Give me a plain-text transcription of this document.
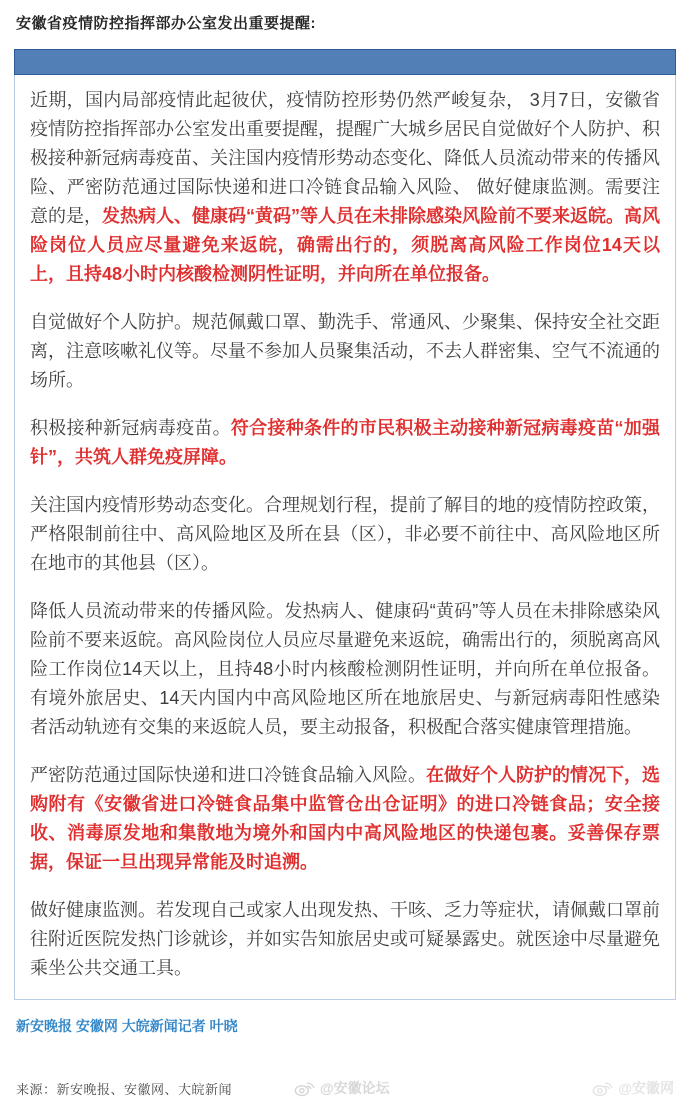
安徽省疫情防控指挥部办公室发出重要提醒:

近期，国内局部疫情此起彼伏，疫情防控形势仍然严峻复杂， 3月7日，安徽省疫情防控指挥部办公室发出重要提醒，提醒广大城乡居民自觉做好个人防护、积极接种新冠病毒疫苗、关注国内疫情形势动态变化、降低人员流动带来的传播风险、严密防范通过国际快递和进口冷链食品输入风险、 做好健康监测。需要注意的是，发热病人、健康码“黄码”等人员在未排除感染风险前不要来返皖。高风险岗位人员应尽量避免来返皖，确需出行的，须脱离高风险工作岗位14天以上，且持48小时内核酸检测阴性证明，并向所在单位报备。

自觉做好个人防护。规范佩戴口罩、勤洗手、常通风、少聚集、保持安全社交距离，注意咳嗽礼仪等。尽量不参加人员聚集活动，不去人群密集、空气不流通的场所。

积极接种新冠病毒疫苗。符合接种条件的市民积极主动接种新冠病毒疫苗“加强针”，共筑人群免疫屏障。

关注国内疫情形势动态变化。合理规划行程，提前了解目的地的疫情防控政策，严格限制前往中、高风险地区及所在县（区），非必要不前往中、高风险地区所在地市的其他县（区）。

降低人员流动带来的传播风险。发热病人、健康码“黄码”等人员在未排除感染风险前不要来返皖。高风险岗位人员应尽量避免来返皖，确需出行的，须脱离高风险工作岗位14天以上，且持48小时内核酸检测阴性证明，并向所在单位报备。有境外旅居史、14天内国内中高风险地区所在地旅居史、与新冠病毒阳性感染者活动轨迹有交集的来返皖人员，要主动报备，积极配合落实健康管理措施。

严密防范通过国际快递和进口冷链食品输入风险。在做好个人防护的情况下，选购附有《安徽省进口冷链食品集中监管仓出仓证明》的进口冷链食品；安全接收、消毒原发地和集散地为境外和国内中高风险地区的快递包裹。妥善保存票据，保证一旦出现异常能及时追溯。

做好健康监测。若发现自己或家人出现发热、干咳、乏力等症状，请佩戴口罩前往附近医院发热门诊就诊，并如实告知旅居史或可疑暴露史。就医途中尽量避免乘坐公共交通工具。

新安晚报 安徽网 大皖新闻记者 叶晓
来源：新安晚报、安徽网、大皖新闻	@安徽论坛	@安徽网
